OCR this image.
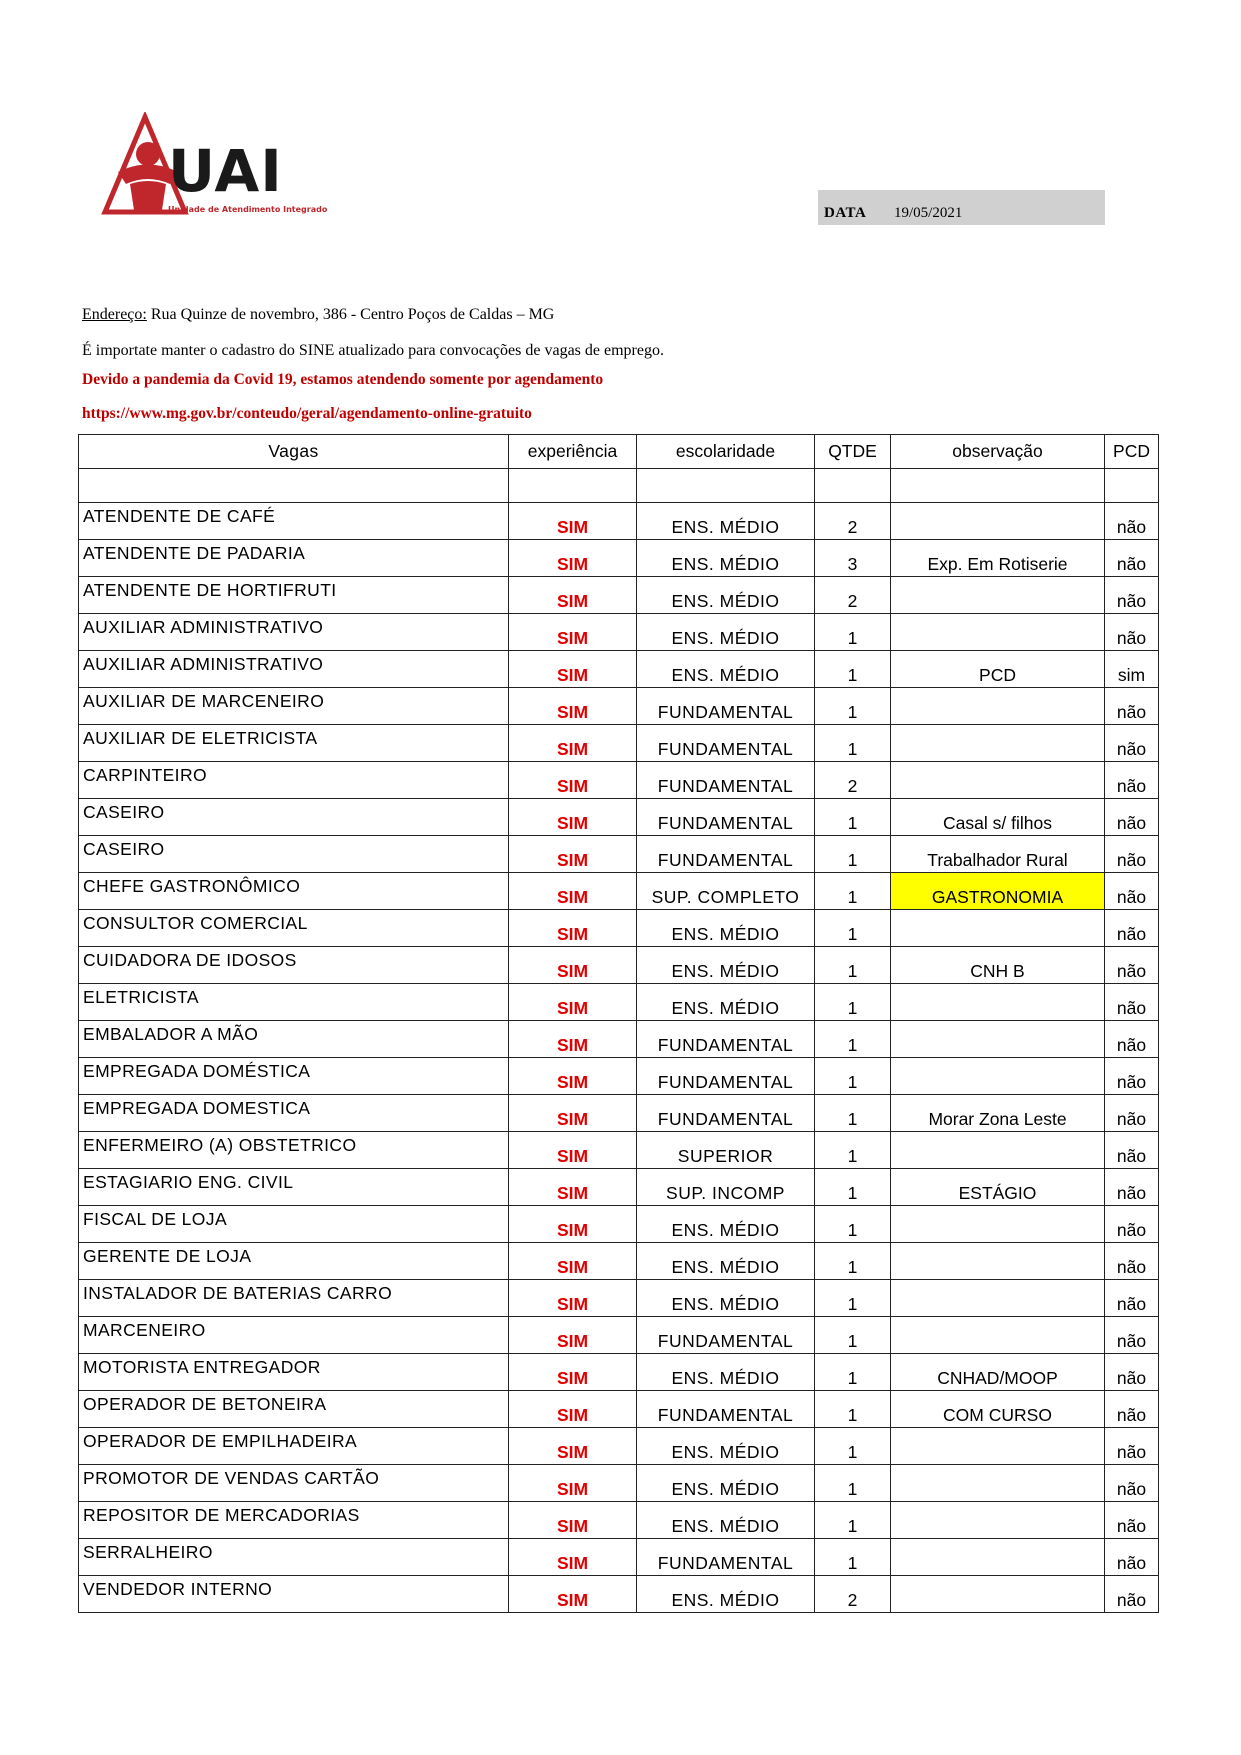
UAI
Unidade de Atendimento Integrado	DATA 19/05/2021
Endereço: Rua Quinze de novembro, 386 - Centro Poços de Caldas – MG
É importate manter o cadastro do SINE atualizado para convocações de vagas de emprego.
Devido a pandemia da Covid 19, estamos atendendo somente por agendamento
https://www.mg.gov.br/conteudo/geral/agendamento-online-gratuito
Vagas	experiência	escolaridade	QTDE	observação	PCD

ATENDENTE DE CAFÉ	SIM	ENS. MÉDIO	2		não
ATENDENTE DE PADARIA	SIM	ENS. MÉDIO	3	Exp. Em Rotiserie	não
ATENDENTE DE HORTIFRUTI	SIM	ENS. MÉDIO	2		não
AUXILIAR ADMINISTRATIVO	SIM	ENS. MÉDIO	1		não
AUXILIAR ADMINISTRATIVO	SIM	ENS. MÉDIO	1	PCD	sim
AUXILIAR DE MARCENEIRO	SIM	FUNDAMENTAL	1		não
AUXILIAR DE ELETRICISTA	SIM	FUNDAMENTAL	1		não
CARPINTEIRO	SIM	FUNDAMENTAL	2		não
CASEIRO	SIM	FUNDAMENTAL	1	Casal s/ filhos	não
CASEIRO	SIM	FUNDAMENTAL	1	Trabalhador Rural	não
CHEFE GASTRONÔMICO	SIM	SUP. COMPLETO	1	GASTRONOMIA	não
CONSULTOR COMERCIAL	SIM	ENS. MÉDIO	1		não
CUIDADORA DE IDOSOS	SIM	ENS. MÉDIO	1	CNH B	não
ELETRICISTA	SIM	ENS. MÉDIO	1		não
EMBALADOR A MÃO	SIM	FUNDAMENTAL	1		não
EMPREGADA DOMÉSTICA	SIM	FUNDAMENTAL	1		não
EMPREGADA DOMESTICA	SIM	FUNDAMENTAL	1	Morar Zona Leste	não
ENFERMEIRO (A) OBSTETRICO	SIM	SUPERIOR	1		não
ESTAGIARIO ENG. CIVIL	SIM	SUP. INCOMP	1	ESTÁGIO	não
FISCAL DE LOJA	SIM	ENS. MÉDIO	1		não
GERENTE DE LOJA	SIM	ENS. MÉDIO	1		não
INSTALADOR DE BATERIAS CARRO	SIM	ENS. MÉDIO	1		não
MARCENEIRO	SIM	FUNDAMENTAL	1		não
MOTORISTA ENTREGADOR	SIM	ENS. MÉDIO	1	CNHAD/MOOP	não
OPERADOR DE BETONEIRA	SIM	FUNDAMENTAL	1	COM CURSO	não
OPERADOR DE EMPILHADEIRA	SIM	ENS. MÉDIO	1		não
PROMOTOR DE VENDAS CARTÃO	SIM	ENS. MÉDIO	1		não
REPOSITOR DE MERCADORIAS	SIM	ENS. MÉDIO	1		não
SERRALHEIRO	SIM	FUNDAMENTAL	1		não
VENDEDOR INTERNO	SIM	ENS. MÉDIO	2		não
